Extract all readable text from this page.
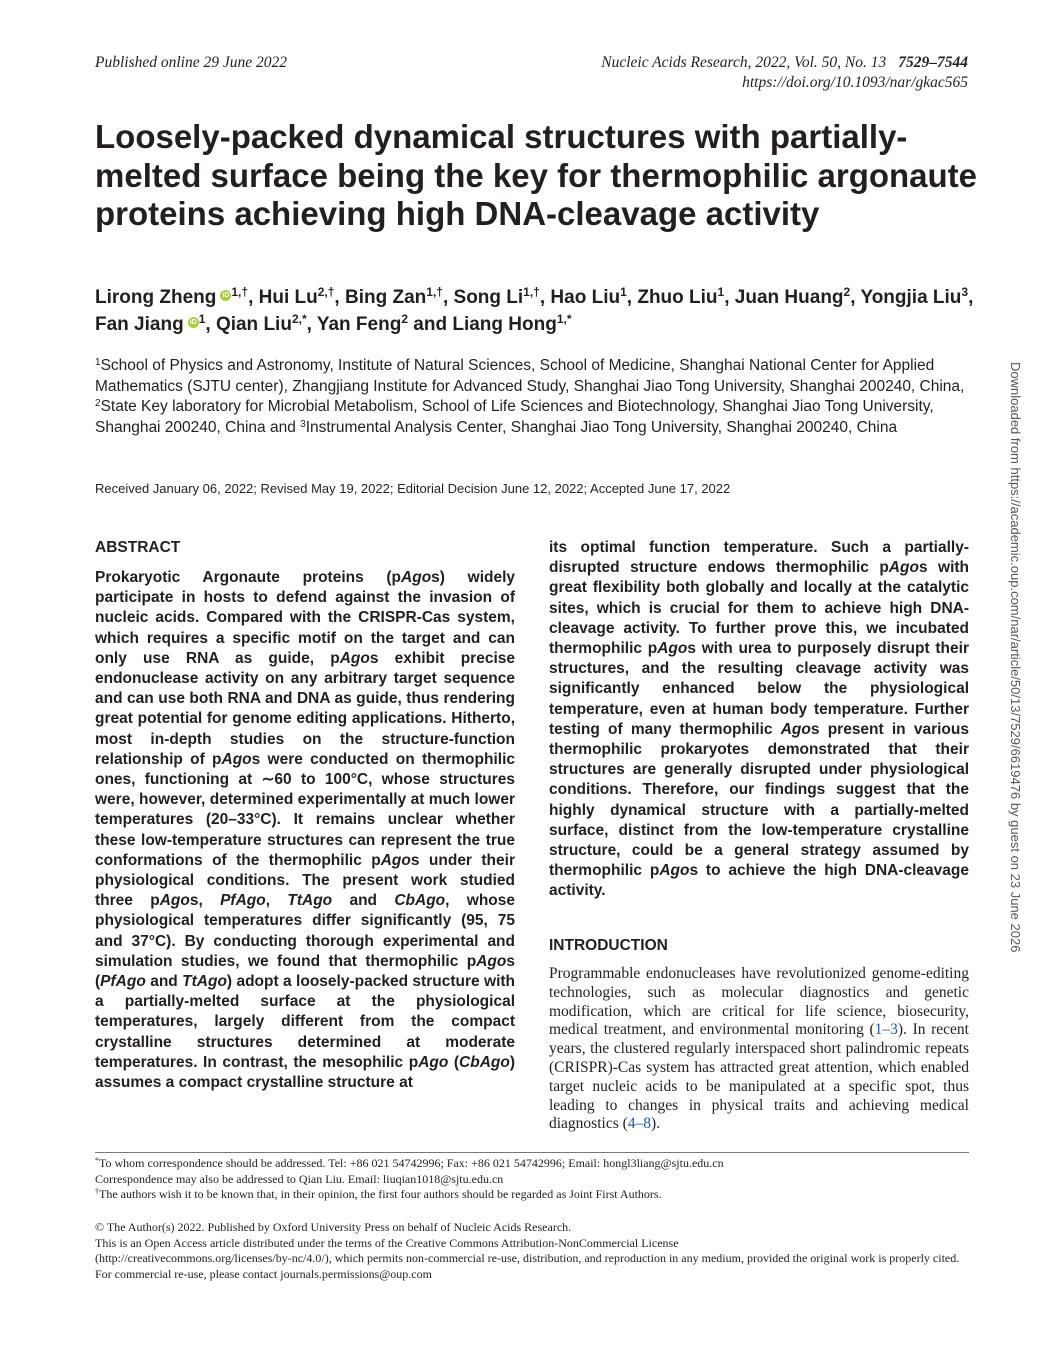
Published online 29 June 2022	Nucleic Acids Research, 2022, Vol. 50, No. 13 7529–7544
https://doi.org/10.1093/nar/gkac565
Loosely-packed dynamical structures with partially-melted surface being the key for thermophilic argonaute proteins achieving high DNA-cleavage activity
Lirong Zheng iD $^{1,\dagger}$, Hui $Lu^{2,\dagger}$, Bing Zan$^{1,\dagger}$, Song $Li^{1,\dagger}$, Hao Liu$^1$, Zhuo Liu$^1$, Juan Huang$^2$, Yongjia Liu$^3$, Fan Jiang iD $^1$, Qian Liu$^{2,*}$, Yan Feng$^2$ and Liang Hong$^{1,*}$
$^1$School of Physics and Astronomy, Institute of Natural Sciences, School of Medicine, Shanghai National Center for Applied Mathematics (SJTU center), Zhangjiang Institute for Advanced Study, Shanghai Jiao Tong University, Shanghai 200240, China, $^2$State Key laboratory for Microbial Metabolism, School of Life Sciences and Biotechnology, Shanghai Jiao Tong University, Shanghai 200240, China and $^3$Instrumental Analysis Center, Shanghai Jiao Tong University, Shanghai 200240, China
Received January 06, 2022; Revised May 19, 2022; Editorial Decision June 12, 2022; Accepted June 17, 2022
ABSTRACT

Prokaryotic Argonaute proteins (pAgos) widely participate in hosts to defend against the invasion of nucleic acids. Compared with the CRISPR-Cas system, which requires a specific motif on the target and can only use RNA as guide, pAgos exhibit precise endonuclease activity on any arbitrary target sequence and can use both RNA and DNA as guide, thus rendering great potential for genome editing applications. Hitherto, most in-depth studies on the structure-function relationship of pAgos were conducted on thermophilic ones, functioning at ∼60 to 100°C, whose structures were, however, determined experimentally at much lower temperatures (20–33°C). It remains unclear whether these low-temperature structures can represent the true conformations of the thermophilic pAgos under their physiological conditions. The present work studied three pAgos, PfAgo, TtAgo and CbAgo, whose physiological temperatures differ significantly (95, 75 and 37°C). By conducting thorough experimental and simulation studies, we found that thermophilic pAgos (PfAgo and TtAgo) adopt a loosely-packed structure with a partially-melted surface at the physiological temperatures, largely different from the compact crystalline structures determined at moderate temperatures. In contrast, the mesophilic pAgo (CbAgo) assumes a compact crystalline structure at

its optimal function temperature. Such a partially-disrupted structure endows thermophilic pAgos with great flexibility both globally and locally at the catalytic sites, which is crucial for them to achieve high DNA-cleavage activity. To further prove this, we incubated thermophilic pAgos with urea to purposely disrupt their structures, and the resulting cleavage activity was significantly enhanced below the physiological temperature, even at human body temperature. Further testing of many thermophilic Agos present in various thermophilic prokaryotes demonstrated that their structures are generally disrupted under physiological conditions. Therefore, our findings suggest that the highly dynamical structure with a partially-melted surface, distinct from the low-temperature crystalline structure, could be a general strategy assumed by thermophilic pAgos to achieve the high DNA-cleavage activity.

INTRODUCTION

Programmable endonucleases have revolutionized genome-editing technologies, such as molecular diagnostics and genetic modification, which are critical for life science, biosecurity, medical treatment, and environmental monitoring (1–3). In recent years, the clustered regularly interspaced short palindromic repeats (CRISPR)-Cas system has attracted great attention, which enabled target nucleic acids to be manipulated at a specific spot, thus leading to changes in physical traits and achieving medical diagnostics (4–8).

*To whom correspondence should be addressed. Tel: +86 021 54742996; Fax: +86 021 54742996; Email: hongl3liang@sjtu.edu.cn
Correspondence may also be addressed to Qian Liu. Email: liuqian1018@sjtu.edu.cn
†The authors wish it to be known that, in their opinion, the first four authors should be regarded as Joint First Authors.
© The Author(s) 2022. Published by Oxford University Press on behalf of Nucleic Acids Research.
This is an Open Access article distributed under the terms of the Creative Commons Attribution-NonCommercial License
(http://creativecommons.org/licenses/by-nc/4.0/), which permits non-commercial re-use, distribution, and reproduction in any medium, provided the original work is properly cited. For commercial re-use, please contact journals.permissions@oup.com
Downloaded from https://academic.oup.com/nar/article/50/13/7529/6619476 by guest on 23 June 2026
